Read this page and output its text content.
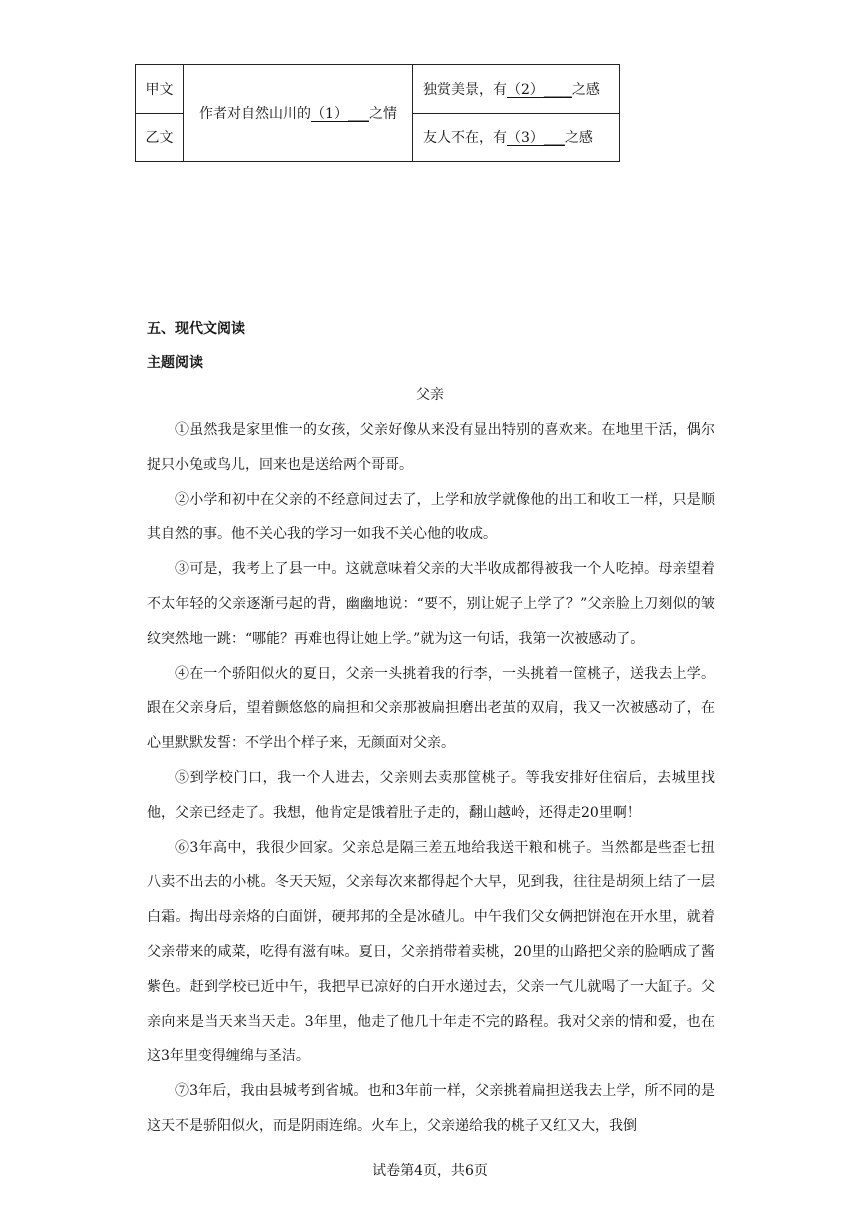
甲文	作者对自然山川的（1）___之情	独赏美景，有（2）____之感
乙文		友人不在，有（3）___之感
五、现代文阅读
主题阅读
父亲

①虽然我是家里惟一的女孩，父亲好像从来没有显出特别的喜欢来。在地里干活，偶尔捉只小兔或鸟儿，回来也是送给两个哥哥。

②小学和初中在父亲的不经意间过去了，上学和放学就像他的出工和收工一样，只是顺其自然的事。他不关心我的学习一如我不关心他的收成。

③可是，我考上了县一中。这就意味着父亲的大半收成都得被我一个人吃掉。母亲望着不太年轻的父亲逐渐弓起的背，幽幽地说：“要不，别让妮子上学了？”父亲脸上刀刻似的皱纹突然地一跳：“哪能？再难也得让她上学。”就为这一句话，我第一次被感动了。

④在一个骄阳似火的夏日，父亲一头挑着我的行李，一头挑着一筐桃子，送我去上学。跟在父亲身后，望着颤悠悠的扁担和父亲那被扁担磨出老茧的双肩，我又一次被感动了，在心里默默发誓：不学出个样子来，无颜面对父亲。

⑤到学校门口，我一个人进去，父亲则去卖那筐桃子。等我安排好住宿后，去城里找他，父亲已经走了。我想，他肯定是饿着肚子走的，翻山越岭，还得走20里啊！

⑥3年高中，我很少回家。父亲总是隔三差五地给我送干粮和桃子。当然都是些歪七扭八卖不出去的小桃。冬天天短，父亲每次来都得起个大早，见到我，往往是胡须上结了一层白霜。掏出母亲烙的白面饼，硬邦邦的全是冰碴儿。中午我们父女俩把饼泡在开水里，就着父亲带来的咸菜，吃得有滋有味。夏日，父亲捎带着卖桃，20里的山路把父亲的脸晒成了酱紫色。赶到学校已近中午，我把早已凉好的白开水递过去，父亲一气儿就喝了一大缸子。父亲向来是当天来当天走。3年里，他走了他几十年走不完的路程。我对父亲的情和爱，也在这3年里变得缠绵与圣洁。

⑦3年后，我由县城考到省城。也和3年前一样，父亲挑着扁担送我去上学，所不同的是这天不是骄阳似火，而是阴雨连绵。火车上，父亲递给我的桃子又红又大，我倒

试卷第4页，共6页
